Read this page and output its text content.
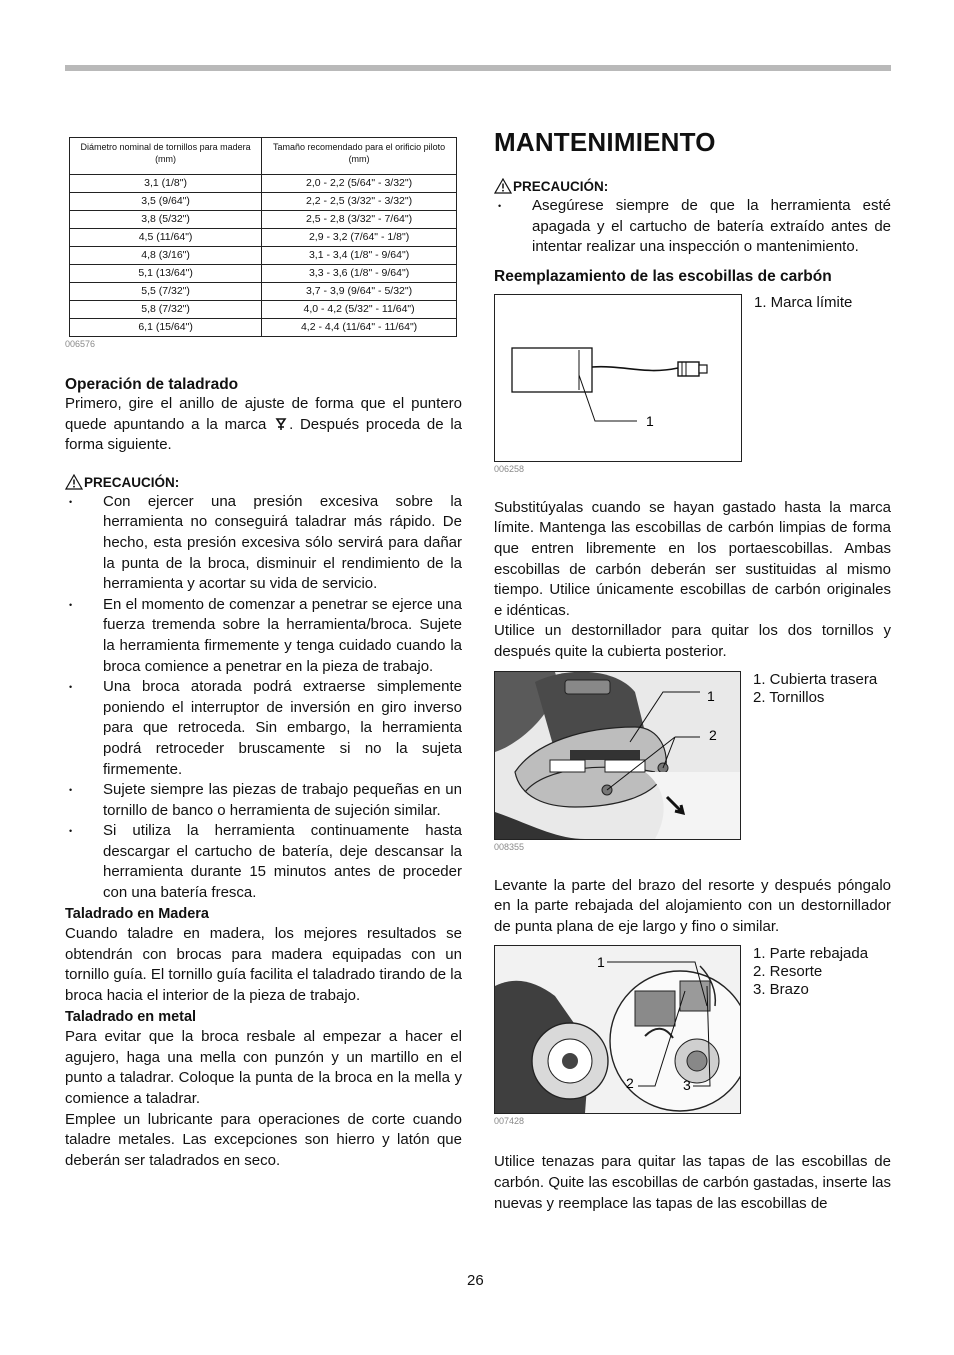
Diámetro nominal de tornillos para madera (mm)	Tamaño recomendado para el orificio piloto (mm)
3,1 (1/8")	2,0 - 2,2 (5/64" - 3/32")
3,5 (9/64")	2,2 - 2,5 (3/32" - 3/32")
3,8 (5/32")	2,5 - 2,8 (3/32" - 7/64")
4,5 (11/64")	2,9 - 3,2 (7/64" - 1/8")
4,8 (3/16")	3,1 - 3,4 (1/8" - 9/64")
5,1 (13/64")	3,3 - 3,6 (1/8" - 9/64")
5,5 (7/32")	3,7 - 3,9 (9/64" - 5/32")
5,8 (7/32")	4,0 - 4,2 (5/32" - 11/64")
6,1 (15/64")	4,2 - 4,4 (11/64" - 11/64")
006576
Operación de taladrado

Primero, gire el anillo de ajuste de forma que el puntero quede apuntando a la marca . Después proceda de la forma siguiente.

PRECAUCIÓN:
• Con ejercer una presión excesiva sobre la herramienta no conseguirá taladrar más rápido. De hecho, esta presión excesiva sólo servirá para dañar la punta de la broca, disminuir el rendimiento de la herramienta y acortar su vida de servicio.
• En el momento de comenzar a penetrar se ejerce una fuerza tremenda sobre la herramienta/broca. Sujete la herramienta firmemente y tenga cuidado cuando la broca comience a penetrar en la pieza de trabajo.
• Una broca atorada podrá extraerse simplemente poniendo el interruptor de inversión en giro inverso para que retroceda. Sin embargo, la herramienta podrá retroceder bruscamente si no la sujeta firmemente.
• Sujete siempre las piezas de trabajo pequeñas en un tornillo de banco o herramienta de sujeción similar.
• Si utiliza la herramienta continuamente hasta descargar el cartucho de batería, deje descansar la herramienta durante 15 minutos antes de proceder con una batería fresca.
Taladrado en Madera

Cuando taladre en madera, los mejores resultados se obtendrán con brocas para madera equipadas con un tornillo guía. El tornillo guía facilita el taladrado tirando de la broca hacia el interior de la pieza de trabajo.

Taladrado en metal

Para evitar que la broca resbale al empezar a hacer el agujero, haga una mella con punzón y un martillo en el punto a taladrar. Coloque la punta de la broca en la mella y comience a taladrar.

Emplee un lubricante para operaciones de corte cuando taladre metales. Las excepciones son hierro y latón que deberán ser taladrados en seco.

MANTENIMIENTO
PRECAUCIÓN:
• Asegúrese siempre de que la herramienta esté apagada y el cartucho de batería extraído antes de intentar realizar una inspección o mantenimiento.
Reemplazamiento de las escobillas de carbón
1
1. Marca límite
006258

Substitúyalas cuando se hayan gastado hasta la marca límite. Mantenga las escobillas de carbón limpias de forma que entren libremente en los portaescobillas. Ambas escobillas de carbón deberán ser sustituidas al mismo tiempo. Utilice únicamente escobillas de carbón originales e idénticas.

Utilice un destornillador para quitar los dos tornillos y después quite la cubierta posterior.

1
2
1. Cubierta trasera
2. Tornillos
008355

Levante la parte del brazo del resorte y después póngalo en la parte rebajada del alojamiento con un destornillador de punta plana de eje largo y fino o similar.

1
2	3
1. Parte rebajada
2. Resorte
3. Brazo
007428

Utilice tenazas para quitar las tapas de las escobillas de carbón. Quite las escobillas de carbón gastadas, inserte las nuevas y reemplace las tapas de las escobillas de

26
